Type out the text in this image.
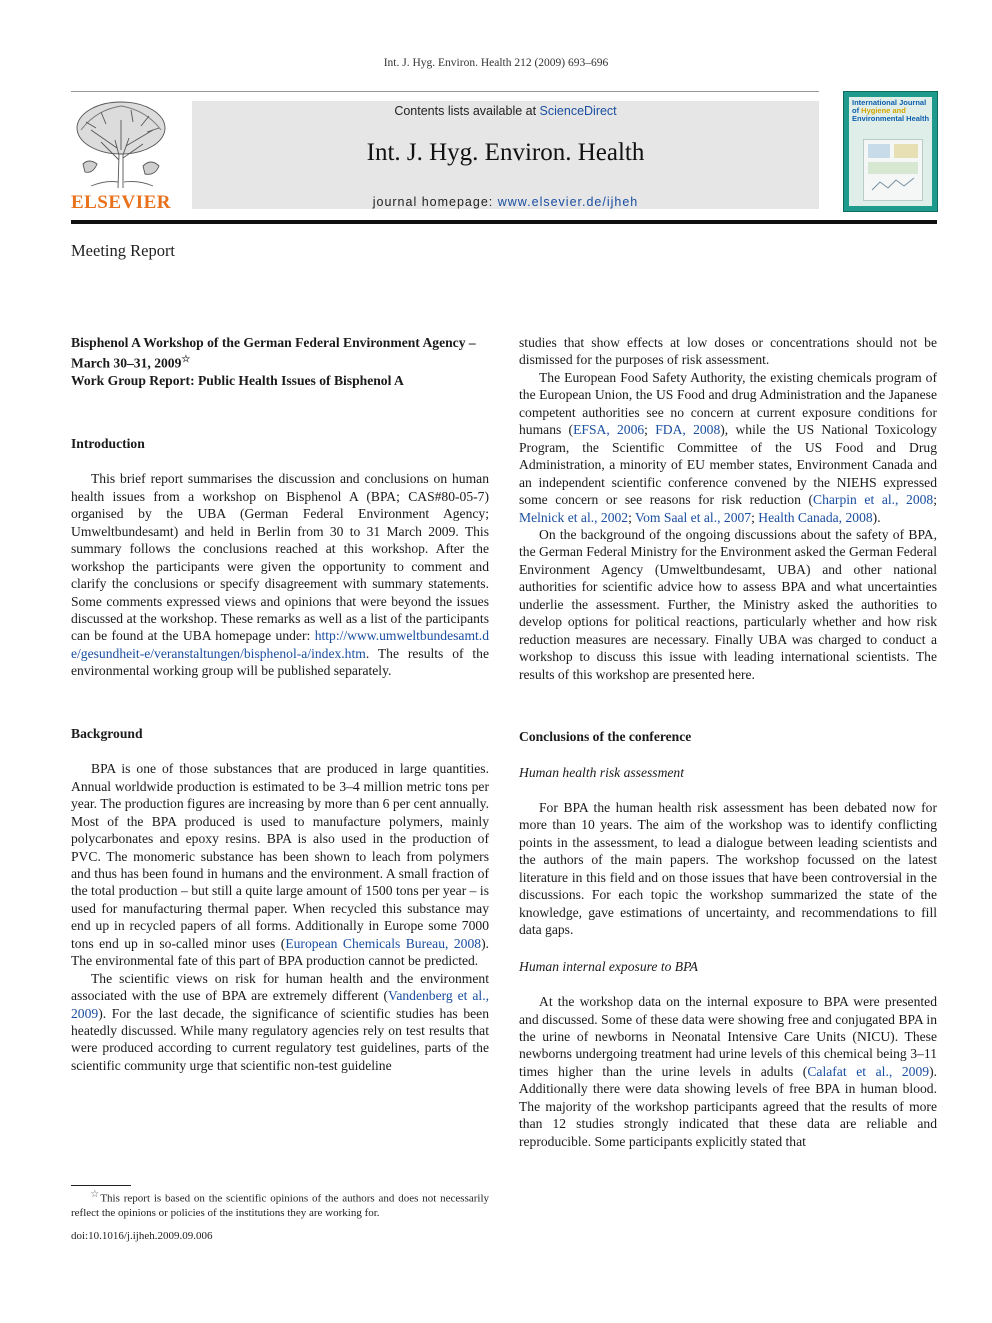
Int. J. Hyg. Environ. Health 212 (2009) 693–696
ELSEVIER
Contents lists available at ScienceDirect
Int. J. Hyg. Environ. Health
journal homepage: www.elsevier.de/ijheh
International Journal
of Hygiene and
Environmental Health
Meeting Report
Bisphenol A Workshop of the German Federal Environment Agency – March 30–31, 2009☆
Work Group Report: Public Health Issues of Bisphenol A
Introduction

This brief report summarises the discussion and conclusions on human health issues from a workshop on Bisphenol A (BPA; CAS#80-05-7) organised by the UBA (German Federal Environment Agency; Umweltbundesamt) and held in Berlin from 30 to 31 March 2009. This summary follows the conclusions reached at this workshop. After the workshop the participants were given the opportunity to comment and clarify the conclusions or specify disagreement with summary statements. Some comments expressed views and opinions that were beyond the issues discussed at the workshop. These remarks as well as a list of the participants can be found at the UBA homepage under: http://www.umweltbundesamt.de/gesundheit-e/veranstaltungen/bisphenol-a/index.htm. The results of the environmental working group will be published separately.

Background

BPA is one of those substances that are produced in large quantities. Annual worldwide production is estimated to be 3–4 million metric tons per year. The production figures are increasing by more than 6 per cent annually. Most of the BPA produced is used to manufacture polymers, mainly polycarbonates and epoxy resins. BPA is also used in the production of PVC. The monomeric substance has been shown to leach from polymers and thus has been found in humans and the environment. A small fraction of the total production – but still a quite large amount of 1500 tons per year – is used for manufacturing thermal paper. When recycled this substance may end up in recycled papers of all forms. Additionally in Europe some 7000 tons end up in so-called minor uses (European Chemicals Bureau, 2008). The environmental fate of this part of BPA production cannot be predicted.

The scientific views on risk for human health and the environment associated with the use of BPA are extremely different (Vandenberg et al., 2009). For the last decade, the significance of scientific studies has been heatedly discussed. While many regulatory agencies rely on test results that were produced according to current regulatory test guidelines, parts of the scientific community urge that scientific non-test guideline

studies that show effects at low doses or concentrations should not be dismissed for the purposes of risk assessment.

The European Food Safety Authority, the existing chemicals program of the European Union, the US Food and drug Administration and the Japanese competent authorities see no concern at current exposure conditions for humans (EFSA, 2006; FDA, 2008), while the US National Toxicology Program, the Scientific Committee of the US Food and Drug Administration, a minority of EU member states, Environment Canada and an independent scientific conference convened by the NIEHS expressed some concern or see reasons for risk reduction (Charpin et al., 2008; Melnick et al., 2002; Vom Saal et al., 2007; Health Canada, 2008).

On the background of the ongoing discussions about the safety of BPA, the German Federal Ministry for the Environment asked the German Federal Environment Agency (Umweltbundesamt, UBA) and other national authorities for scientific advice how to assess BPA and what uncertainties underlie the assessment. Further, the Ministry asked the authorities to develop options for political reactions, particularly whether and how risk reduction measures are necessary. Finally UBA was charged to conduct a workshop to discuss this issue with leading international scientists. The results of this workshop are presented here.

Conclusions of the conference
Human health risk assessment

For BPA the human health risk assessment has been debated now for more than 10 years. The aim of the workshop was to identify conflicting points in the assessment, to lead a dialogue between leading scientists and the authors of the main papers. The workshop focussed on the latest literature in this field and on those issues that have been controversial in the discussions. For each topic the workshop summarized the state of the knowledge, gave estimations of uncertainty, and recommendations to fill data gaps.

Human internal exposure to BPA

At the workshop data on the internal exposure to BPA were presented and discussed. Some of these data were showing free and conjugated BPA in the urine of newborns in Neonatal Intensive Care Units (NICU). These newborns undergoing treatment had urine levels of this chemical being 3–11 times higher than the urine levels in adults (Calafat et al., 2009). Additionally there were data showing levels of free BPA in human blood. The majority of the workshop participants agreed that the results of more than 12 studies strongly indicated that these data are reliable and reproducible. Some participants explicitly stated that

☆This report is based on the scientific opinions of the authors and does not necessarily reflect the opinions or policies of the institutions they are working for.
doi:10.1016/j.ijheh.2009.09.006
